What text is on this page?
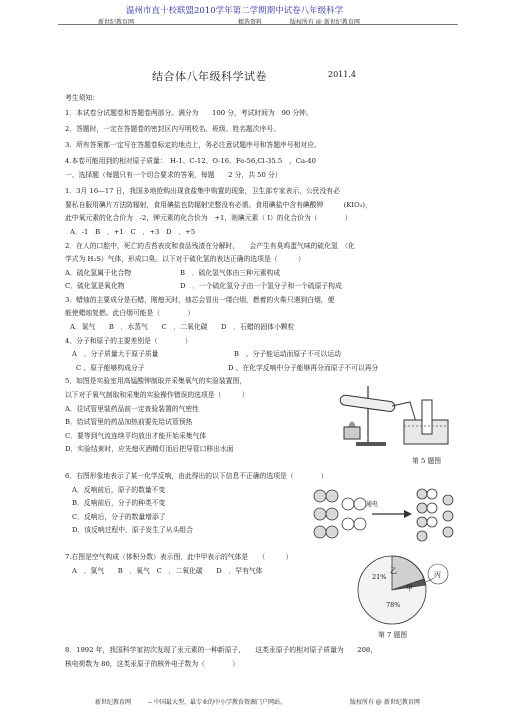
温州市直十校联盟2010学年第二学期期中试卷八年级科学
新世纪教育网	精选资料	版权所有 @ 新世纪教育网
结合体八年级科学试卷	2011.4
考生须知：
1．本试卷分试题卷和答题卷两部分。满分为　　100 分，考试时间为　90 分钟。
2．答题时，一定在答题卷的密封区内写明校名、班级、姓名题次序号。
3．所有答案都一定写在答题卷标定的地点上，务必注意试题序号和答题序号相对应。
4.本卷可能用到的相对原子质量：　H-1、C-12、O-16、Fe-56,Cl-35.5　，Ca-40
一、选择题（每题只有一个切合要求的答案，每题　　2 分，共 50 分）
1．3月 16—17 日，我国多地抢购出现食盐集中购置的现象，卫生部专家表示，公民没有必
要私自服用碘片方法防辐射，食用碘盐也防辐射完整没有必需。食用碘盐中含有碘酸钾　　　(KIO₃)，
此中氧元素的化合价为　-2，钾元素的化合价为　+1，则碘元素（ I）的化合价为（　　　　）
A．-1　B　．+1　C　．+3　D　．+5
2．在人的口腔中，死亡的舌苔表皮和食品残渣在分解时，　　会产生有臭鸡蛋气味的硫化氢　（化
学式为 H₂S）气体，形成口臭。以下对于硫化氢的表达正确的选项是（　　　）
A．硫化氢属于化合物	B　．硫化氢气体由三种元素构成
C．硫化氢是氧化物	D　．一个硫化氢分子由一个氢分子和一个硫原子构成
3．蜡烛的主要成分是石蜡，刚熄灭时，烛芯会冒出一缕白烟，燃着的火柴只遇到白烟，便
能使蜡烛复燃。此白烟可能是（　　　　）
A．氮气　　B　．水蒸气　　C　．二氧化碳　　D　．石蜡的固体小颗粒
4、分子和原子的主要差别是（　　　　）
A　、分子质量大于原子质量	B　、分子能运动而原子不可以运动
C 、原子能够构成分子	D 、在化学反响中分子能够再分而原子不可以再分
5．如图是实验室用高锰酸钾制取并采集氧气的实验装置图，
以下对于氧气制取和采集的实验操作错误的选项是（　　　）
A．往试管里装药品前一定查验装置的气密性
B．给试管里的药品加热前要先给试管预热
C．要等到气流连续平均放出才能开始采集气体
D．实验结束时，应先熄灭酒精灯而后把导管口移出水面
第 5 题图
6．右图形象地表示了某一化学反响，由此得出的以下信息不正确的选项是（　　　　）
A．反响前后，原子的数量不变
B．反响前后，分子的种类不变
C．反响后，分子的数量增添了
D．该反响过程中，原子发生了从头组合
通电
7.右图是空气构成（体积分数）表示图，此中甲表示的气体是　　（　　　）
A　．氮气　　B　．氧气　C　．二氧化碳　　D　．罕有气体
甲
乙	丙
21%
78%
第 7 题图
8．1992 年，我国科学家初次发现了汞元素的一种新原子，　　这类汞原子的相对原子质量为　　208，
核电荷数为 80，这类汞原子的核外电子数为（　　　　）
新世纪教育网	-- 中国最大型、最专业的中小学教育资源门户网站。	版权所有 @ 新世纪教育网
